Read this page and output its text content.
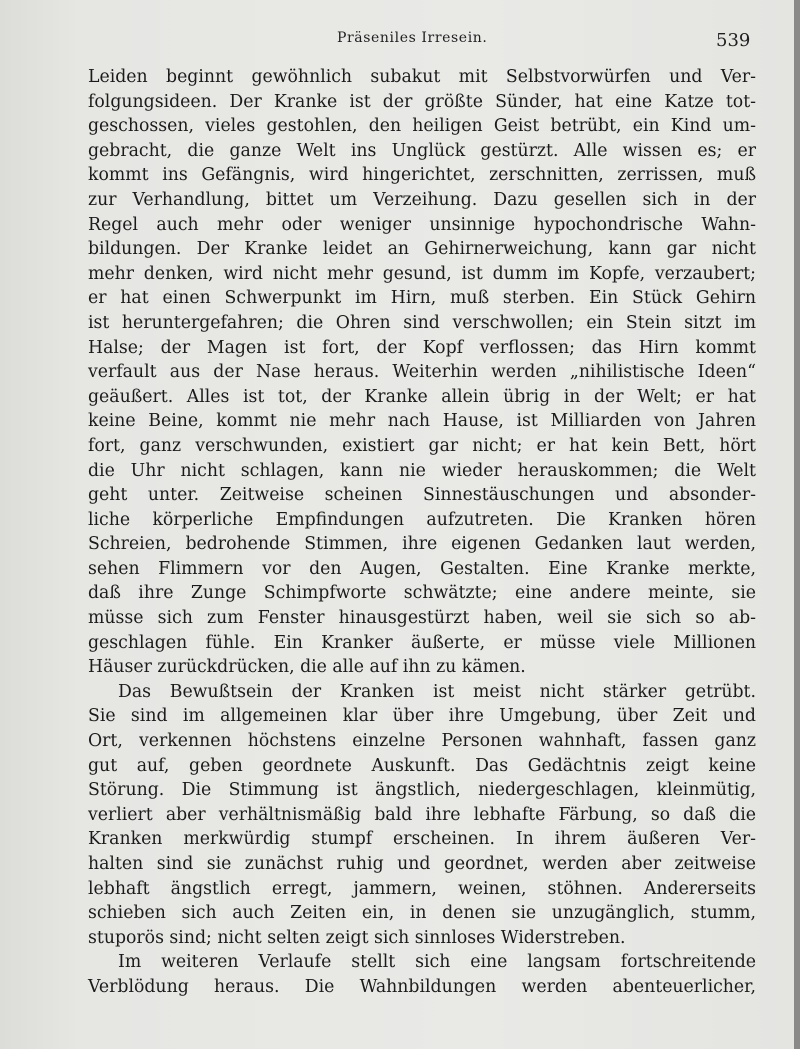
Präseniles Irresein.	539
Leiden beginnt gewöhnlich subakut mit Selbstvorwürfen und Ver-
folgungsideen. Der Kranke ist der größte Sünder, hat eine Katze tot-
geschossen, vieles gestohlen, den heiligen Geist betrübt, ein Kind um-
gebracht, die ganze Welt ins Unglück gestürzt. Alle wissen es; er
kommt ins Gefängnis, wird hingerichtet, zerschnitten, zerrissen, muß
zur Verhandlung, bittet um Verzeihung. Dazu gesellen sich in der
Regel auch mehr oder weniger unsinnige hypochondrische Wahn-
bildungen. Der Kranke leidet an Gehirnerweichung, kann gar nicht
mehr denken, wird nicht mehr gesund, ist dumm im Kopfe, verzaubert;
er hat einen Schwerpunkt im Hirn, muß sterben. Ein Stück Gehirn
ist heruntergefahren; die Ohren sind verschwollen; ein Stein sitzt im
Halse; der Magen ist fort, der Kopf verflossen; das Hirn kommt
verfault aus der Nase heraus. Weiterhin werden „nihilistische Ideen“
geäußert. Alles ist tot, der Kranke allein übrig in der Welt; er hat
keine Beine, kommt nie mehr nach Hause, ist Milliarden von Jahren
fort, ganz verschwunden, existiert gar nicht; er hat kein Bett, hört
die Uhr nicht schlagen, kann nie wieder herauskommen; die Welt
geht unter. Zeitweise scheinen Sinnestäuschungen und absonder-
liche körperliche Empfindungen aufzutreten. Die Kranken hören
Schreien, bedrohende Stimmen, ihre eigenen Gedanken laut werden,
sehen Flimmern vor den Augen, Gestalten. Eine Kranke merkte,
daß ihre Zunge Schimpfworte schwätzte; eine andere meinte, sie
müsse sich zum Fenster hinausgestürzt haben, weil sie sich so ab-
geschlagen fühle. Ein Kranker äußerte, er müsse viele Millionen
Häuser zurückdrücken, die alle auf ihn zu kämen.
Das Bewußtsein der Kranken ist meist nicht stärker getrübt.
Sie sind im allgemeinen klar über ihre Umgebung, über Zeit und
Ort, verkennen höchstens einzelne Personen wahnhaft, fassen ganz
gut auf, geben geordnete Auskunft. Das Gedächtnis zeigt keine
Störung. Die Stimmung ist ängstlich, niedergeschlagen, kleinmütig,
verliert aber verhältnismäßig bald ihre lebhafte Färbung, so daß die
Kranken merkwürdig stumpf erscheinen. In ihrem äußeren Ver-
halten sind sie zunächst ruhig und geordnet, werden aber zeitweise
lebhaft ängstlich erregt, jammern, weinen, stöhnen. Andererseits
schieben sich auch Zeiten ein, in denen sie unzugänglich, stumm,
stuporös sind; nicht selten zeigt sich sinnloses Widerstreben.
Im weiteren Verlaufe stellt sich eine langsam fortschreitende
Verblödung heraus. Die Wahnbildungen werden abenteuerlicher,
